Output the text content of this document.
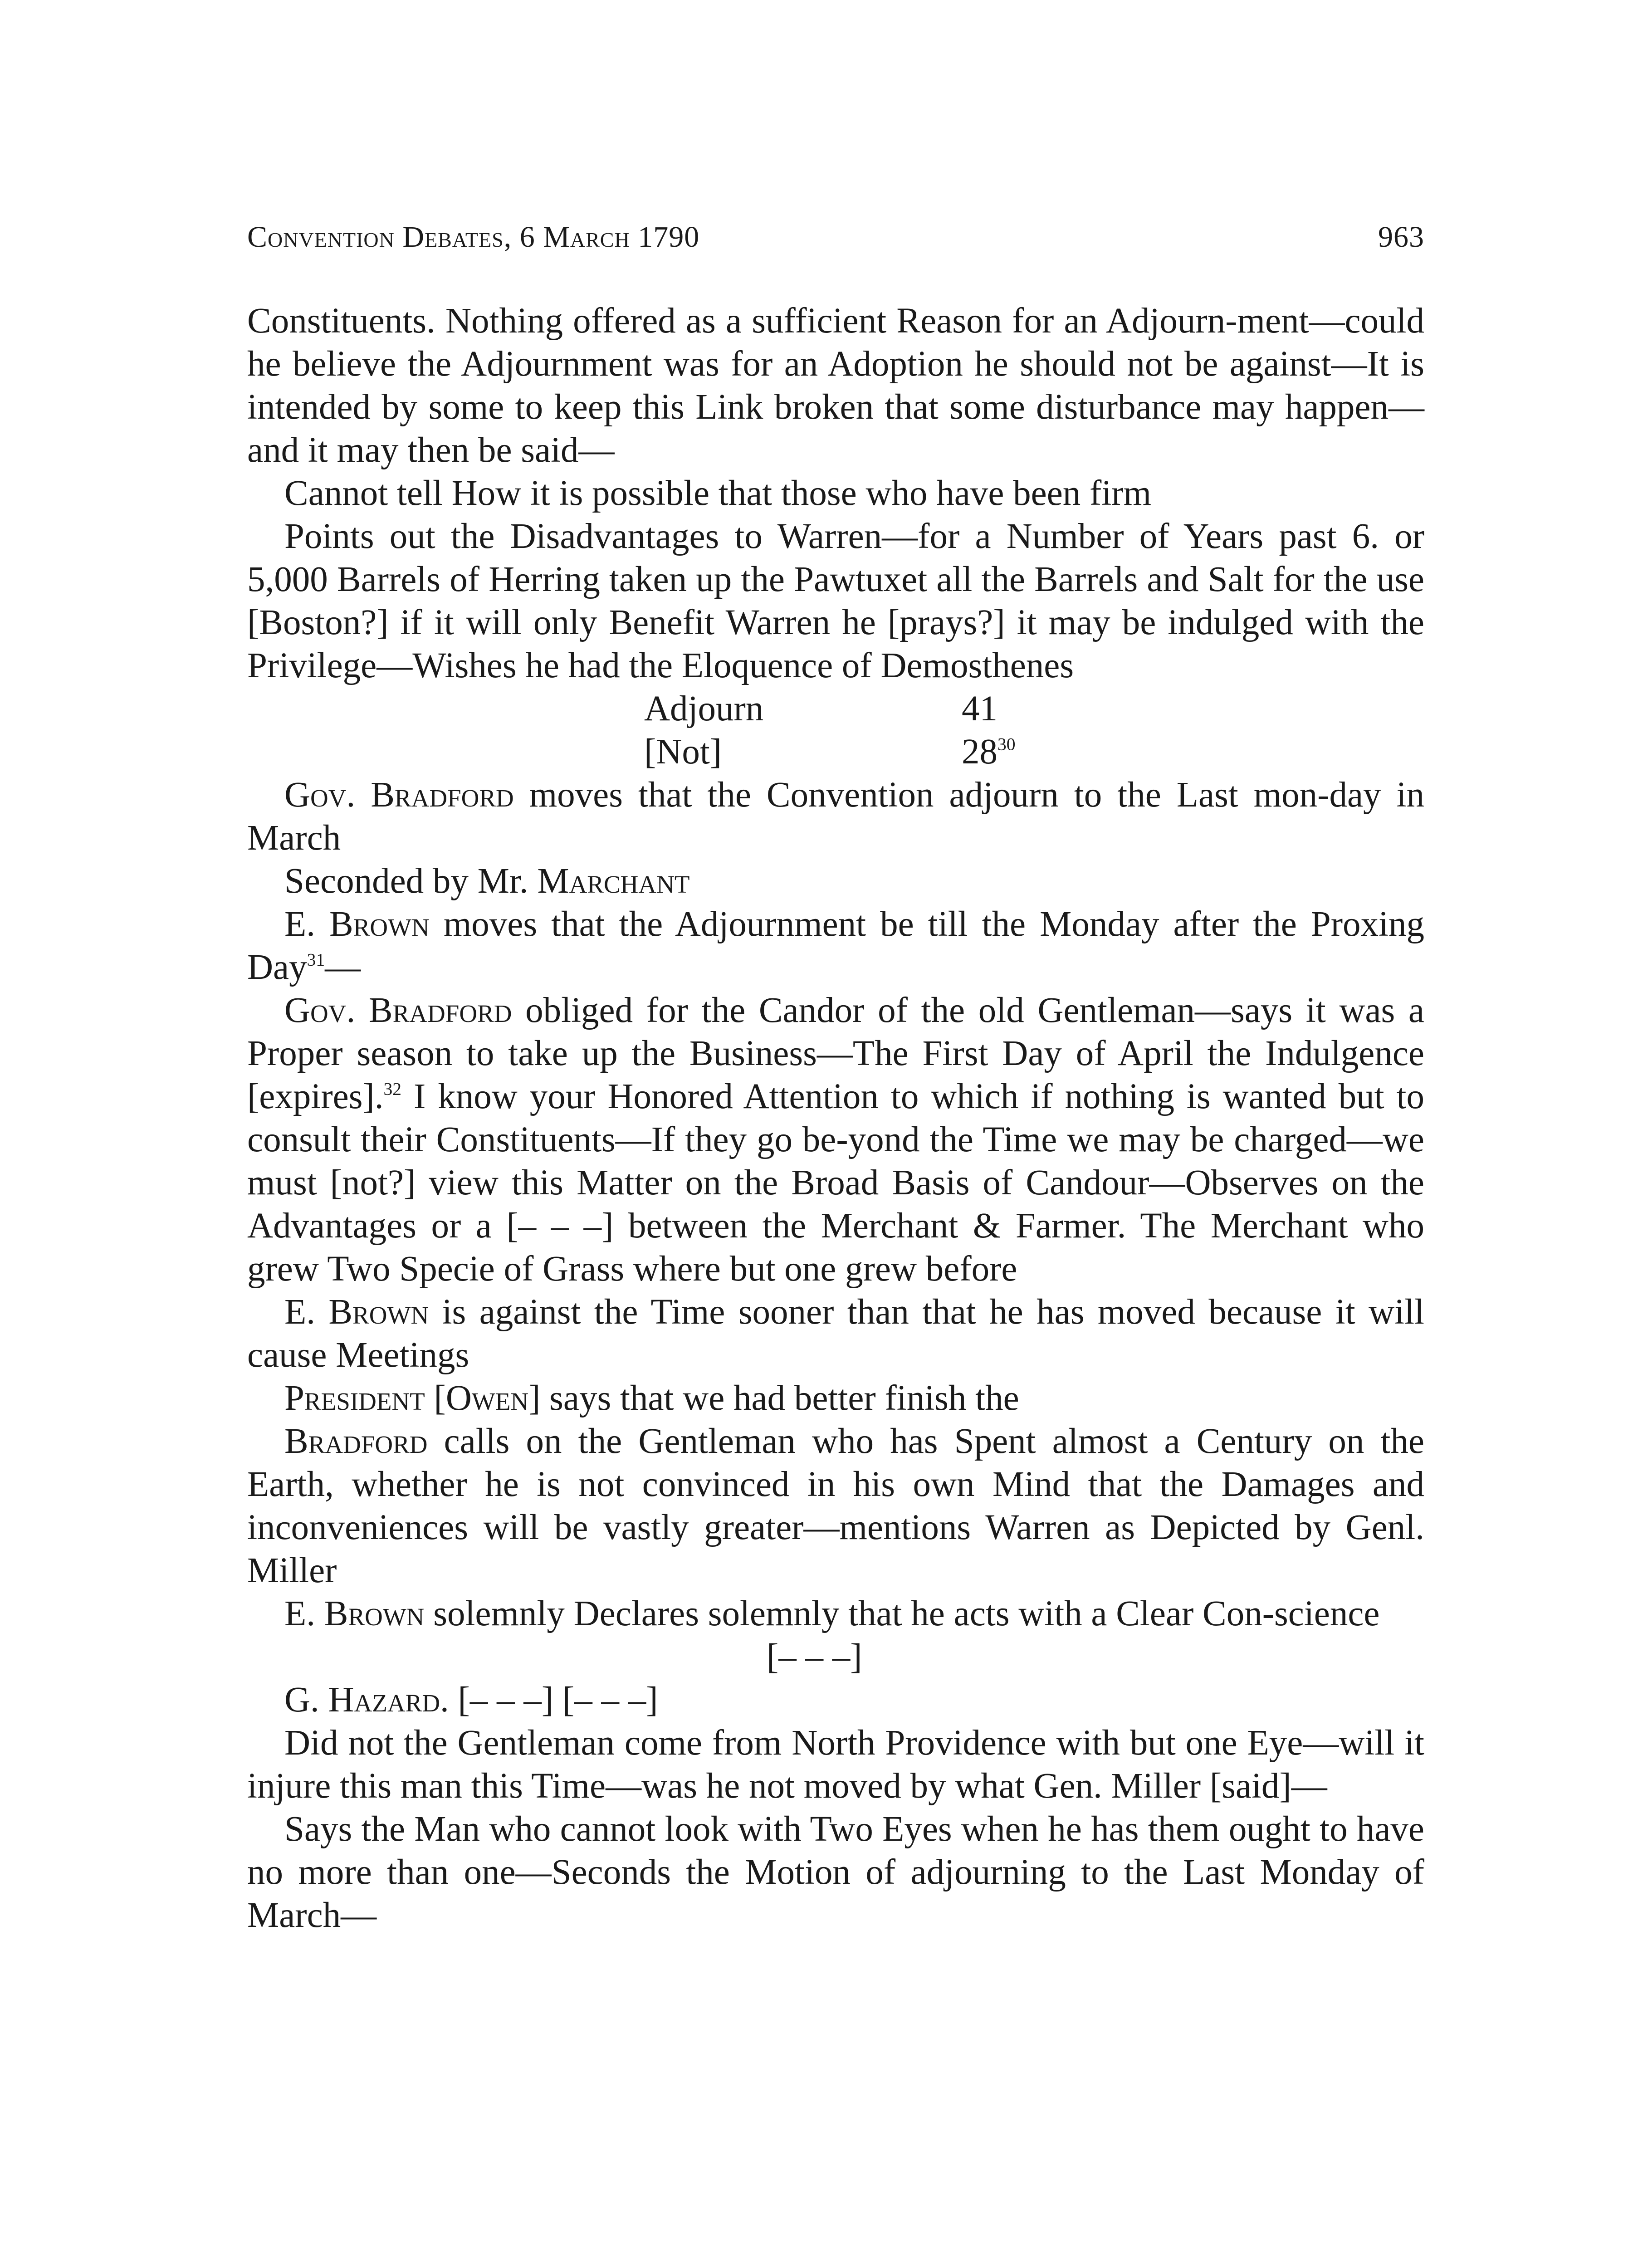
Convention Debates, 6 March 1790	963

Constituents. Nothing offered as a sufficient Reason for an Adjourn-ment—could he believe the Adjournment was for an Adoption he should not be against—It is intended by some to keep this Link broken that some disturbance may happen—and it may then be said—

Cannot tell How it is possible that those who have been firm

Points out the Disadvantages to Warren—for a Number of Years past 6. or 5,000 Barrels of Herring taken up the Pawtuxet all the Barrels and Salt for the use [Boston?] if it will only Benefit Warren he [prays?] it may be indulged with the Privilege—Wishes he had the Eloquence of Demosthenes

Adjourn	41
[Not]	$28^{30}$

Gov. Bradford moves that the Convention adjourn to the Last mon-day in March

Seconded by Mr. Marchant

E. Brown moves that the Adjournment be till the Monday after the Proxing Day$^{31}$—

Gov. Bradford obliged for the Candor of the old Gentleman—says it was a Proper season to take up the Business—The First Day of April the Indulgence [expires].$^{32}$ I know your Honored Attention to which if nothing is wanted but to consult their Constituents—If they go be-yond the Time we may be charged—we must [not?] view this Matter on the Broad Basis of Candour—Observes on the Advantages or a [– – –] between the Merchant & Farmer. The Merchant who grew Two Specie of Grass where but one grew before

E. Brown is against the Time sooner than that he has moved because it will cause Meetings

President [Owen] says that we had better finish the

Bradford calls on the Gentleman who has Spent almost a Century on the Earth, whether he is not convinced in his own Mind that the Damages and inconveniences will be vastly greater—mentions Warren as Depicted by Genl. Miller

E. Brown solemnly Declares solemnly that he acts with a Clear Con-science

[– – –]

G. Hazard. [– – –] [– – –]

Did not the Gentleman come from North Providence with but one Eye—will it injure this man this Time—was he not moved by what Gen. Miller [said]—

Says the Man who cannot look with Two Eyes when he has them ought to have no more than one—Seconds the Motion of adjourning to the Last Monday of March—
